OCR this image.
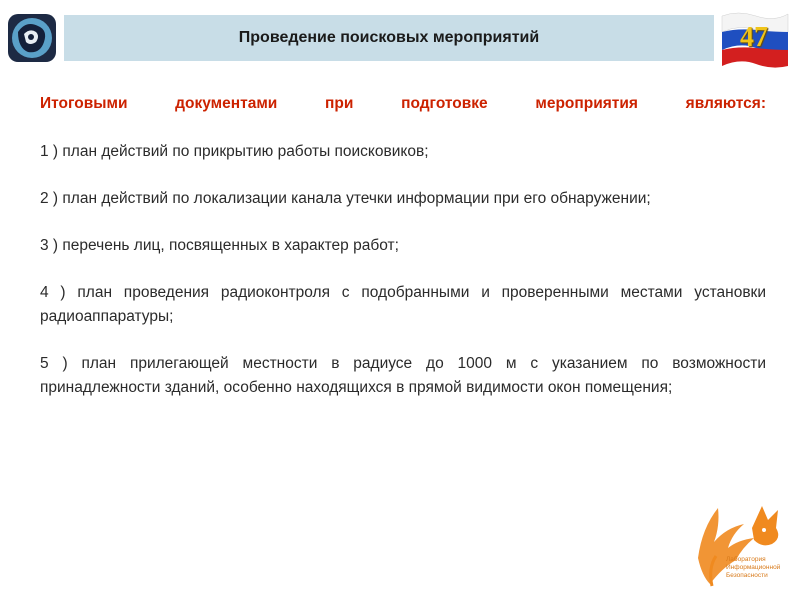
Проведение поисковых мероприятий	47

Итоговыми документами при подготовке мероприятия являются:

1 ) план действий по прикрытию работы поисковиков;

2 ) план действий по локализации канала утечки информации при его обнаружении;

3 ) перечень лиц, посвященных в характер работ;

4 ) план проведения радиоконтроля с подобранными и проверенными местами установки радиоаппаратуры;

5 ) план прилегающей местности в радиусе до 1000 м с указанием по возможности принадлежности зданий, особенно находящихся в прямой видимости окон помещения;

Лаборатория
Информационной
Безопасности
